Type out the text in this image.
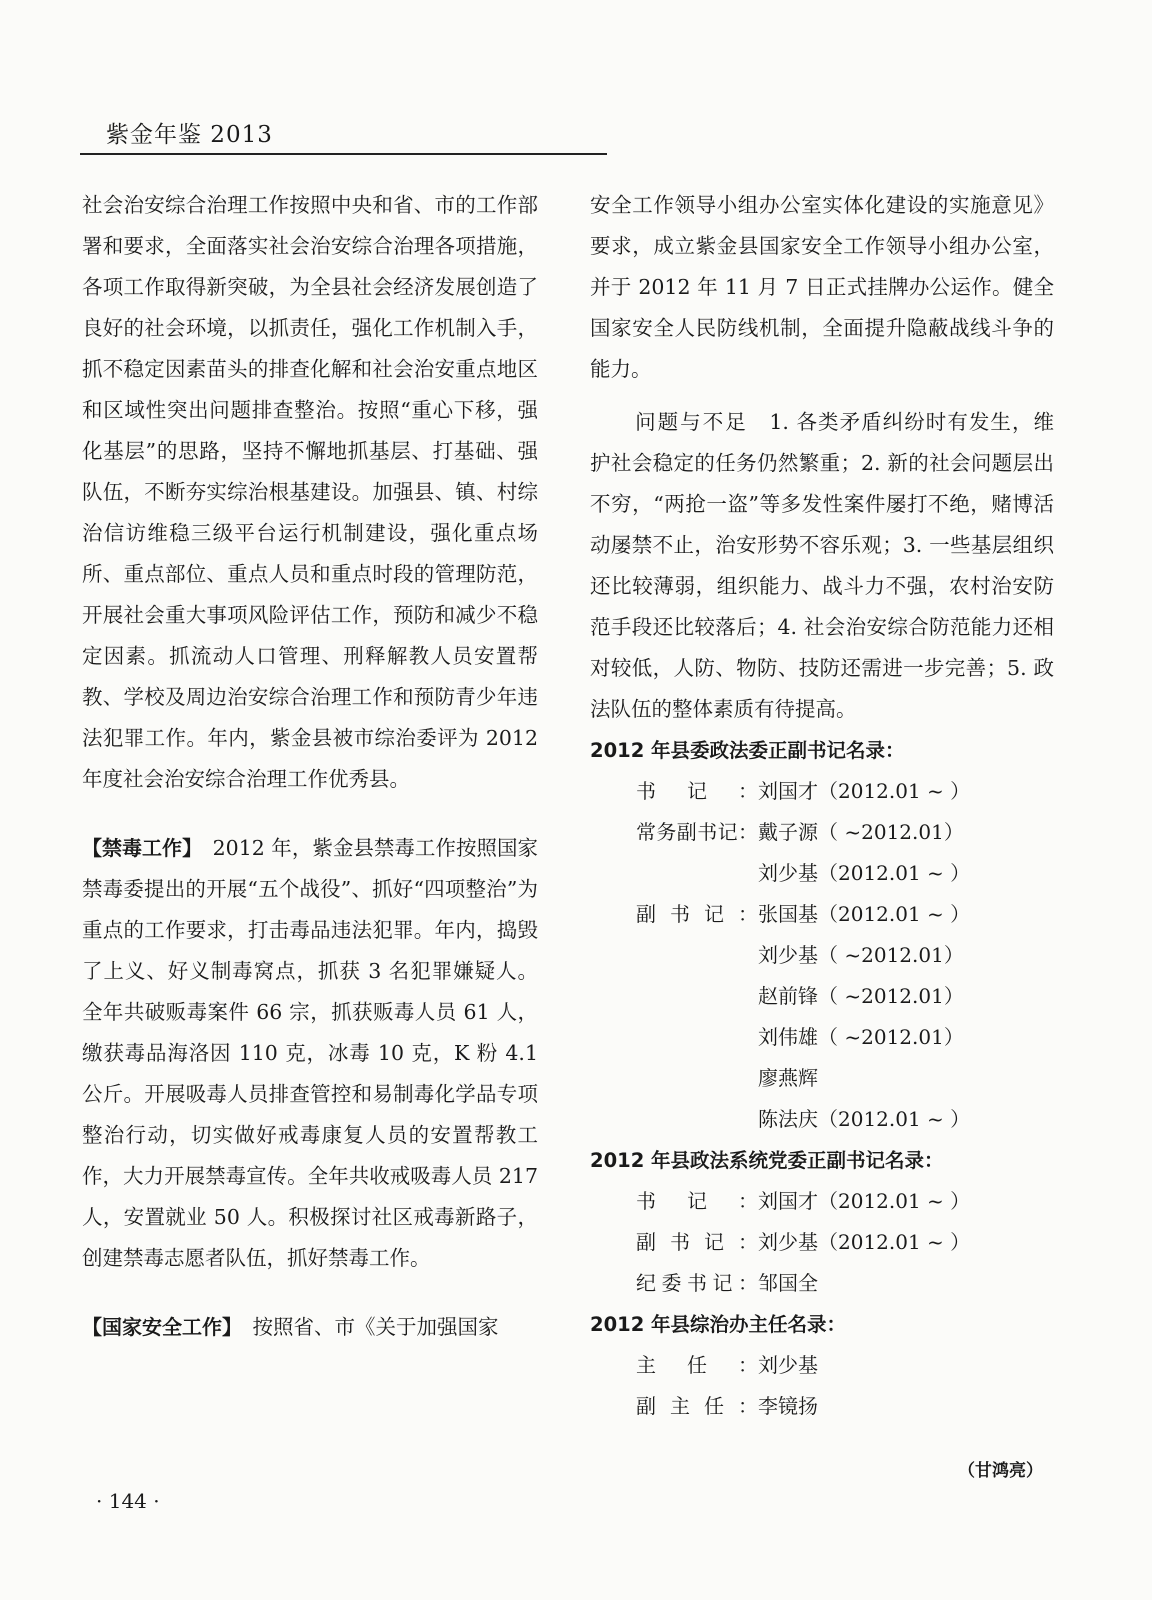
紫金年鉴 2013

社会治安综合治理工作按照中央和省、市的工作部署和要求，全面落实社会治安综合治理各项措施，各项工作取得新突破，为全县社会经济发展创造了良好的社会环境，以抓责任，强化工作机制入手，抓不稳定因素苗头的排查化解和社会治安重点地区和区域性突出问题排查整治。按照“重心下移，强化基层”的思路，坚持不懈地抓基层、打基础、强队伍，不断夯实综治根基建设。加强县、镇、村综治信访维稳三级平台运行机制建设，强化重点场所、重点部位、重点人员和重点时段的管理防范，开展社会重大事项风险评估工作，预防和减少不稳定因素。抓流动人口管理、刑释解教人员安置帮教、学校及周边治安综合治理工作和预防青少年违法犯罪工作。年内，紫金县被市综治委评为 2012 年度社会治安综合治理工作优秀县。

【禁毒工作】　 2012 年，紫金县禁毒工作按照国家禁毒委提出的开展“五个战役”、抓好“四项整治”为重点的工作要求，打击毒品违法犯罪。年内，捣毁了上义、好义制毒窝点，抓获 3 名犯罪嫌疑人。全年共破贩毒案件 66 宗，抓获贩毒人员 61 人，缴获毒品海洛因 110 克，冰毒 10 克，K 粉 4.1 公斤。开展吸毒人员排查管控和易制毒化学品专项整治行动，切实做好戒毒康复人员的安置帮教工作，大力开展禁毒宣传。全年共收戒吸毒人员 217 人，安置就业 50 人。积极探讨社区戒毒新路子，创建禁毒志愿者队伍，抓好禁毒工作。

【国家安全工作】　 按照省、市《关于加强国家

安全工作领导小组办公室实体化建设的实施意见》要求，成立紫金县国家安全工作领导小组办公室，并于 2012 年 11 月 7 日正式挂牌办公运作。健全国家安全人民防线机制，全面提升隐蔽战线斗争的能力。

问题与不足　 1. 各类矛盾纠纷时有发生，维护社会稳定的任务仍然繁重；2. 新的社会问题层出不穷，“两抢一盗”等多发性案件屡打不绝，赌博活动屡禁不止，治安形势不容乐观；3. 一些基层组织还比较薄弱，组织能力、战斗力不强，农村治安防范手段还比较落后；4. 社会治安综合防范能力还相对较低，人防、物防、技防还需进一步完善；5. 政法队伍的整体素质有待提高。

2012 年县委政法委正副书记名录：
书记： 刘国才（2012.01 ~ ）
常务副书记： 戴子源（ ~2012.01）
刘少基（2012.01 ~ ）
副书记： 张国基（2012.01 ~ ）
刘少基（ ~2012.01）
赵前锋（ ~2012.01）
刘伟雄（ ~2012.01）
廖燕辉
陈法庆（2012.01 ~ ）
2012 年县政法系统党委正副书记名录：
书记： 刘国才（2012.01 ~ ）
副书记： 刘少基（2012.01 ~ ）
纪委书记： 邹国全
2012 年县综治办主任名录：
主任： 刘少基
副主任： 李镜扬
（甘鸿亮）
· 144 ·
